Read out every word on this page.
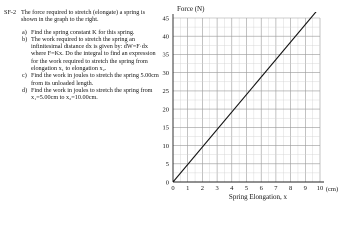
SF-2 The force required to stretch (elongate) a spring is shown in the graph to the right.
a) Find the spring constant K for this spring.
b) The work required to stretch the spring an infinitesimal distance dx is given by: dW=F·dx where F=Kx. Do the integral to find an expression for the work required to stretch the spring from elongation x₁ to elongation x₂.
c) Find the work in joules to stretch the spring 5.00cm from its unloaded length.
d) Find the work in joules to stretch the spring from x₁=5.00cm to x₂=10.00cm.
0
5
10
15
20
25
30
35
40
45
0 1 2 3 4 5 6 7 8 9 10
Force (N)
Spring Elongation, x
(cm)
